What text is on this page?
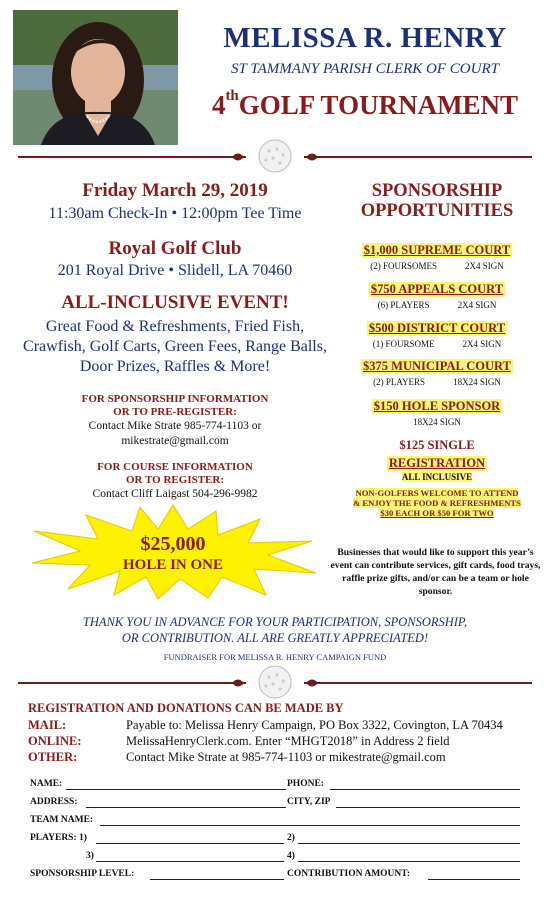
MELISSA R. HENRY
ST TAMMANY PARISH CLERK OF COURT
4thGOLF TOURNAMENT
Friday March 29, 2019
11:30am Check-In • 12:00pm Tee Time
Royal Golf Club
201 Royal Drive • Slidell, LA 70460
ALL-INCLUSIVE EVENT!
Great Food & Refreshments, Fried Fish, Crawfish, Golf Carts, Green Fees, Range Balls, Door Prizes, Raffles & More!
FOR SPONSORSHIP INFORMATION
OR TO PRE-REGISTER:
Contact Mike Strate 985-774-1103 or
mikestrate@gmail.com
FOR COURSE INFORMATION
OR TO REGISTER:
Contact Cliff Laigast 504-296-9982
$25,000
HOLE IN ONE
SPONSORSHIP OPPORTUNITIES
$1,000 SUPREME COURT
(2) FOURSOMES	2X4 SIGN
$750 APPEALS COURT
(6) PLAYERS	2X4 SIGN
$500 DISTRICT COURT
(1) FOURSOME	2X4 SIGN
$375 MUNICIPAL COURT
(2) PLAYERS	18X24 SIGN
$150 HOLE SPONSOR
18X24 SIGN
$125 SINGLE
REGISTRATION
ALL INCLUSIVE
NON-GOLFERS WELCOME TO ATTEND
& ENJOY THE FOOD & REFRESHMENTS
$30 EACH OR $50 FOR TWO
Businesses that would like to support this year’s event can contribute services, gift cards, food trays, raffle prize gifts, and/or can be a team or hole sponsor.
THANK YOU IN ADVANCE FOR YOUR PARTICIPATION, SPONSORSHIP,
OR CONTRIBUTION. ALL ARE GREATLY APPRECIATED!
FUNDRAISER FOR MELISSA R. HENRY CAMPAIGN FUND
REGISTRATION AND DONATIONS CAN BE MADE BY
MAIL:	Payable to: Melissa Henry Campaign, PO Box 3322, Covington, LA 70434
ONLINE:	MelissaHenryClerk.com. Enter “MHGT2018” in Address 2 field
OTHER:	Contact Mike Strate at 985-774-1103 or mikestrate@gmail.com
NAME:	PHONE:
ADDRESS:	CITY, ZIP
TEAM NAME:
PLAYERS: 1)	2)
3)	4)
SPONSORSHIP LEVEL:	CONTRIBUTION AMOUNT:
